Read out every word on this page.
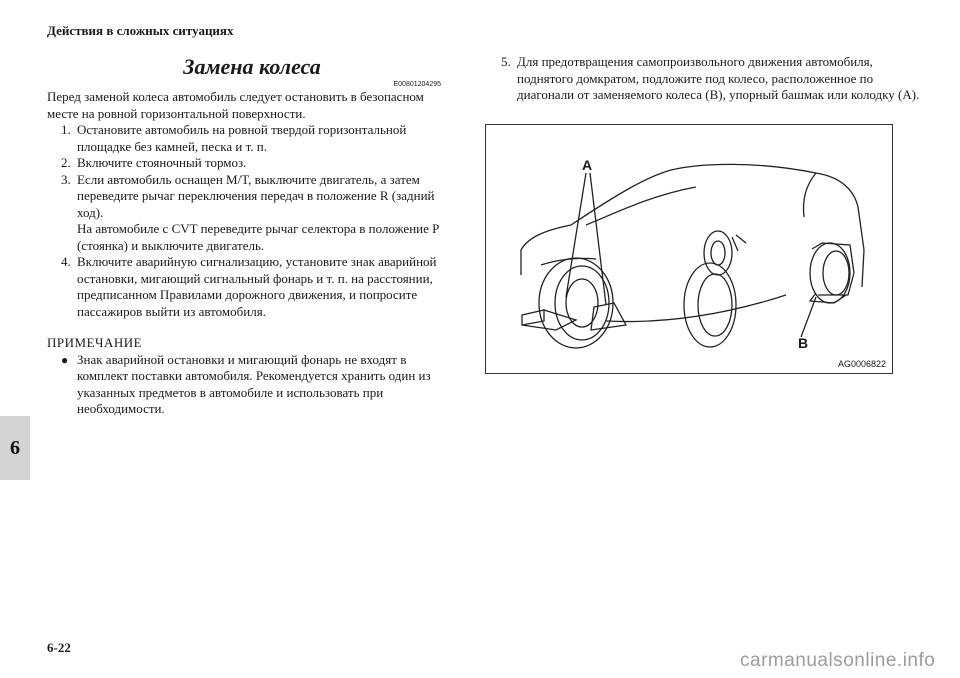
Действия в сложных ситуациях
6
Замена колеса
E00801204295

Перед заменой колеса автомобиль следует остановить в безопасном месте на ровной горизонтальной поверхности.

1. Остановите автомобиль на ровной твердой горизонтальной площадке без камней, песка и т. п.
2. Включите стояночный тормоз.
3. Если автомобиль оснащен M/T, выключите двигатель, а затем переведите рычаг переключения передач в положение R (задний ход).
На автомобиле с CVT переведите рычаг селектора в положение P (стоянка) и выключите двигатель.
4. Включите аварийную сигнализацию, установите знак аварийной остановки, мигающий сигнальный фонарь и т. п. на расстоянии, предписанном Правилами дорожного движения, и попросите пассажиров выйти из автомобиля.
ПРИМЕЧАНИЕ
● Знак аварийной остановки и мигающий фонарь не входят в комплект поставки автомобиля. Рекомендуется хранить один из указанных предметов в автомобиле и использовать при необходимости.
5. Для предотвращения самопроизвольного движения автомобиля, поднятого домкратом, подложите под колесо, расположенное по диагонали от заменяемого колеса (B), упорный башмак или колодку (A).
A
B
AG0006822
6-22
carmanualsonline.info
